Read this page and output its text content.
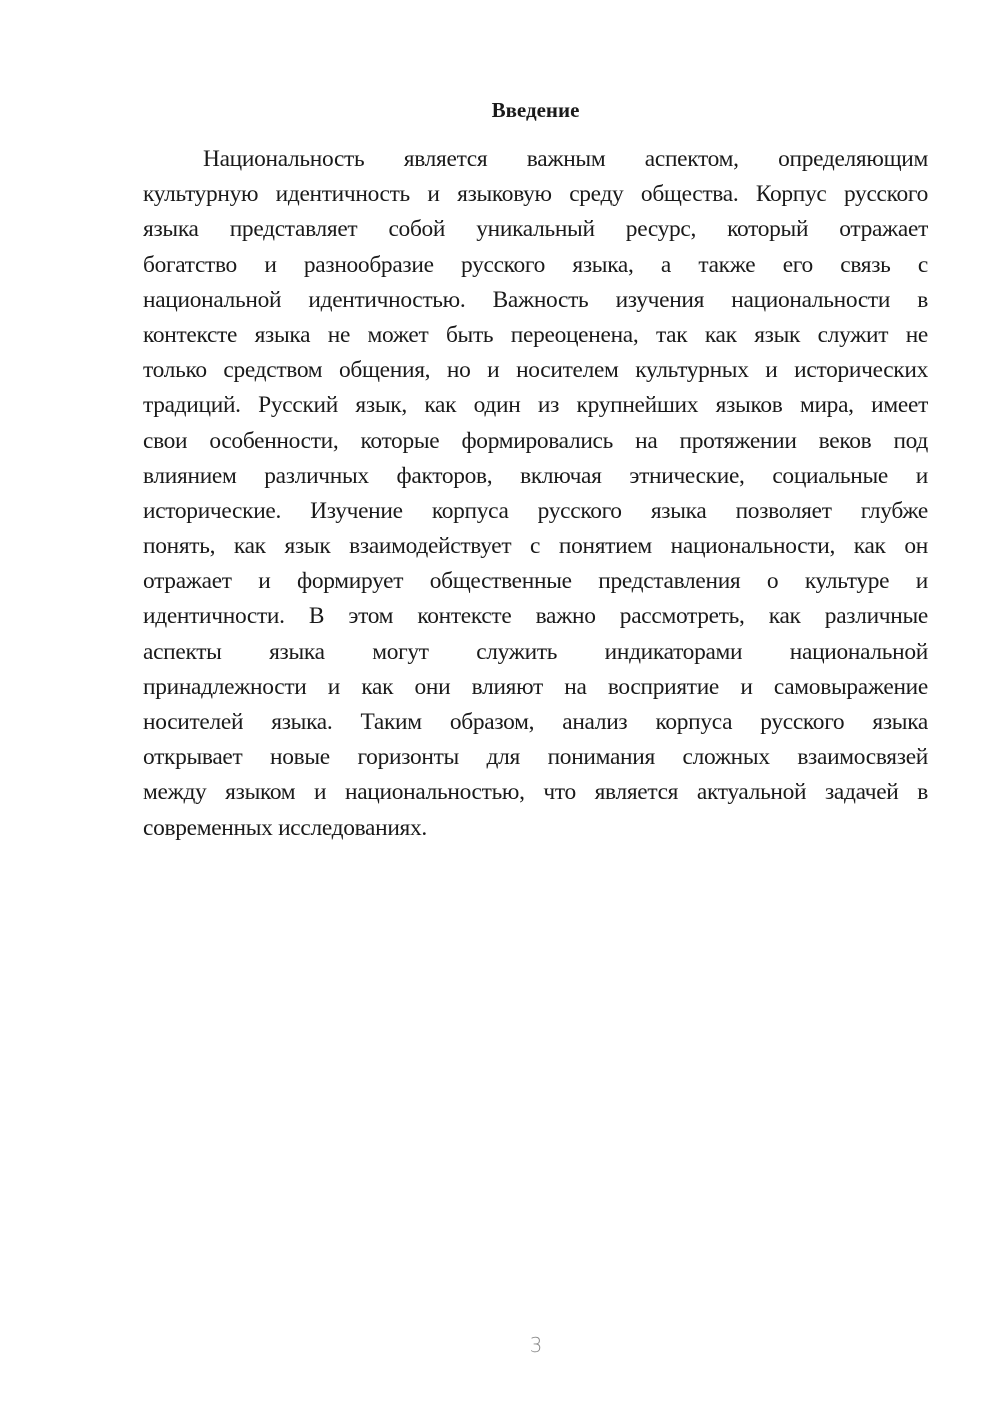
Введение
Национальность является важным аспектом, определяющим
культурную идентичность и языковую среду общества. Корпус русского
языка представляет собой уникальный ресурс, который отражает
богатство и разнообразие русского языка, а также его связь с
национальной идентичностью. Важность изучения национальности в
контексте языка не может быть переоценена, так как язык служит не
только средством общения, но и носителем культурных и исторических
традиций. Русский язык, как один из крупнейших языков мира, имеет
свои особенности, которые формировались на протяжении веков под
влиянием различных факторов, включая этнические, социальные и
исторические. Изучение корпуса русского языка позволяет глубже
понять, как язык взаимодействует с понятием национальности, как он
отражает и формирует общественные представления о культуре и
идентичности. В этом контексте важно рассмотреть, как различные
аспекты языка могут служить индикаторами национальной
принадлежности и как они влияют на восприятие и самовыражение
носителей языка. Таким образом, анализ корпуса русского языка
открывает новые горизонты для понимания сложных взаимосвязей
между языком и национальностью, что является актуальной задачей в
современных исследованиях.
3
